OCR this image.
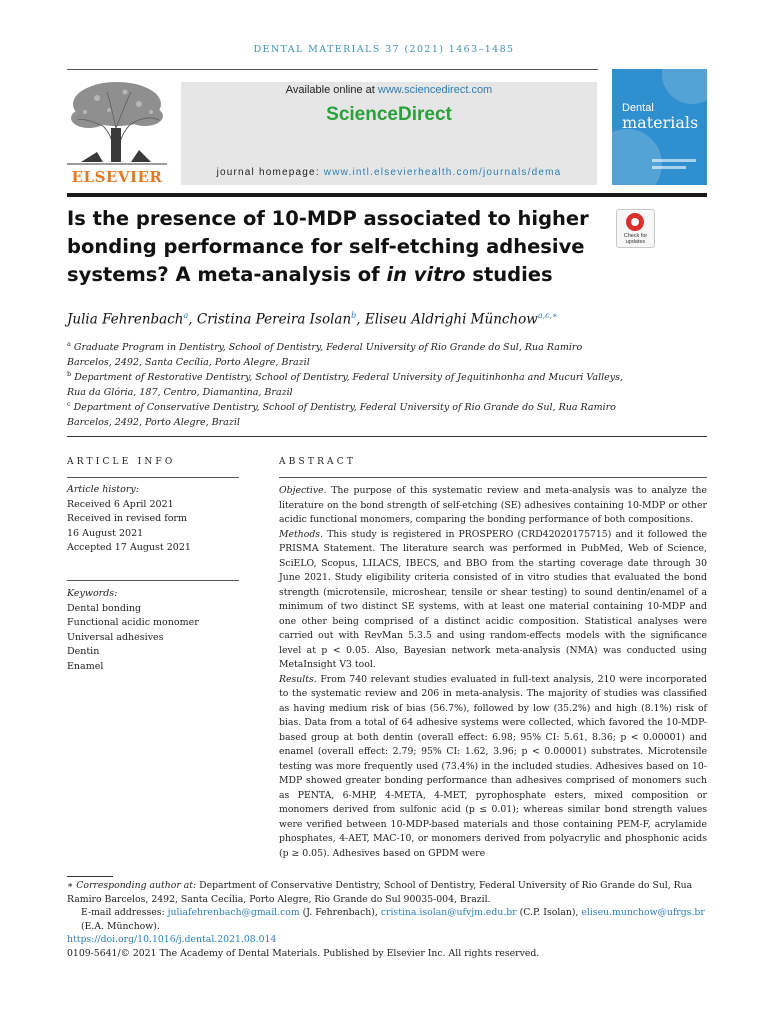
DENTAL MATERIALS 37 (2021) 1463–1485
ELSEVIER
Available online at www.sciencedirect.com
ScienceDirect
journal homepage: www.intl.elsevierhealth.com/journals/dema
Dental
materials
Is the presence of 10-MDP associated to higher bonding performance for self-etching adhesive systems? A meta-analysis of in vitro studies
Check for updates
Julia Fehrenbach$^a$, Cristina Pereira Isolan$^b$, Eliseu Aldrighi Münchow$^{a,c,∗}$
$^a$ Graduate Program in Dentistry, School of Dentistry, Federal University of Rio Grande do Sul, Rua Ramiro Barcelos, 2492, Santa Cecília, Porto Alegre, Brazil
$^b$ Department of Restorative Dentistry, School of Dentistry, Federal University of Jequitinhonha and Mucuri Valleys, Rua da Glória, 187, Centro, Diamantina, Brazil
$^c$ Department of Conservative Dentistry, School of Dentistry, Federal University of Rio Grande do Sul, Rua Ramiro Barcelos, 2492, Porto Alegre, Brazil
ARTICLE INFO
Article history:
Received 6 April 2021
Received in revised form
16 August 2021
Accepted 17 August 2021
Keywords:
Dental bonding
Functional acidic monomer
Universal adhesives
Dentin
Enamel
ABSTRACT

Objective. The purpose of this systematic review and meta-analysis was to analyze the literature on the bond strength of self-etching (SE) adhesives containing 10-MDP or other acidic functional monomers, comparing the bonding performance of both compositions.

Methods. This study is registered in PROSPERO (CRD42020175715) and it followed the PRISMA Statement. The literature search was performed in PubMed, Web of Science, SciELO, Scopus, LILACS, IBECS, and BBO from the starting coverage date through 30 June 2021. Study eligibility criteria consisted of in vitro studies that evaluated the bond strength (microtensile, microshear, tensile or shear testing) to sound dentin/enamel of a minimum of two distinct SE systems, with at least one material containing 10-MDP and one other being comprised of a distinct acidic composition. Statistical analyses were carried out with RevMan 5.3.5 and using random-effects models with the significance level at p < 0.05. Also, Bayesian network meta-analysis (NMA) was conducted using MetaInsight V3 tool.

Results. From 740 relevant studies evaluated in full-text analysis, 210 were incorporated to the systematic review and 206 in meta-analysis. The majority of studies was classified as having medium risk of bias (56.7%), followed by low (35.2%) and high (8.1%) risk of bias. Data from a total of 64 adhesive systems were collected, which favored the 10-MDP-based group at both dentin (overall effect: 6.98; 95% CI: 5.61, 8.36; p < 0.00001) and enamel (overall effect: 2.79; 95% CI: 1.62, 3.96; p < 0.00001) substrates. Microtensile testing was more frequently used (73.4%) in the included studies. Adhesives based on 10-MDP showed greater bonding performance than adhesives comprised of monomers such as PENTA, 6-MHP, 4-META, 4-MET, pyrophosphate esters, mixed composition or monomers derived from sulfonic acid (p ≤ 0.01); whereas similar bond strength values were verified between 10-MDP-based materials and those containing PEM-F, acrylamide phosphates, 4-AET, MAC-10, or monomers derived from polyacrylic and phosphonic acids (p ≥ 0.05). Adhesives based on GPDM were

∗ Corresponding author at: Department of Conservative Dentistry, School of Dentistry, Federal University of Rio Grande do Sul, Rua Ramiro Barcelos, 2492, Santa Cecília, Porto Alegre, Rio Grande do Sul 90035-004, Brazil.

E-mail addresses: juliafehrenbach@gmail.com (J. Fehrenbach), cristina.isolan@ufvjm.edu.br (C.P. Isolan), eliseu.munchow@ufrgs.br (E.A. Münchow).

https://doi.org/10.1016/j.dental.2021.08.014

0109-5641/© 2021 The Academy of Dental Materials. Published by Elsevier Inc. All rights reserved.
